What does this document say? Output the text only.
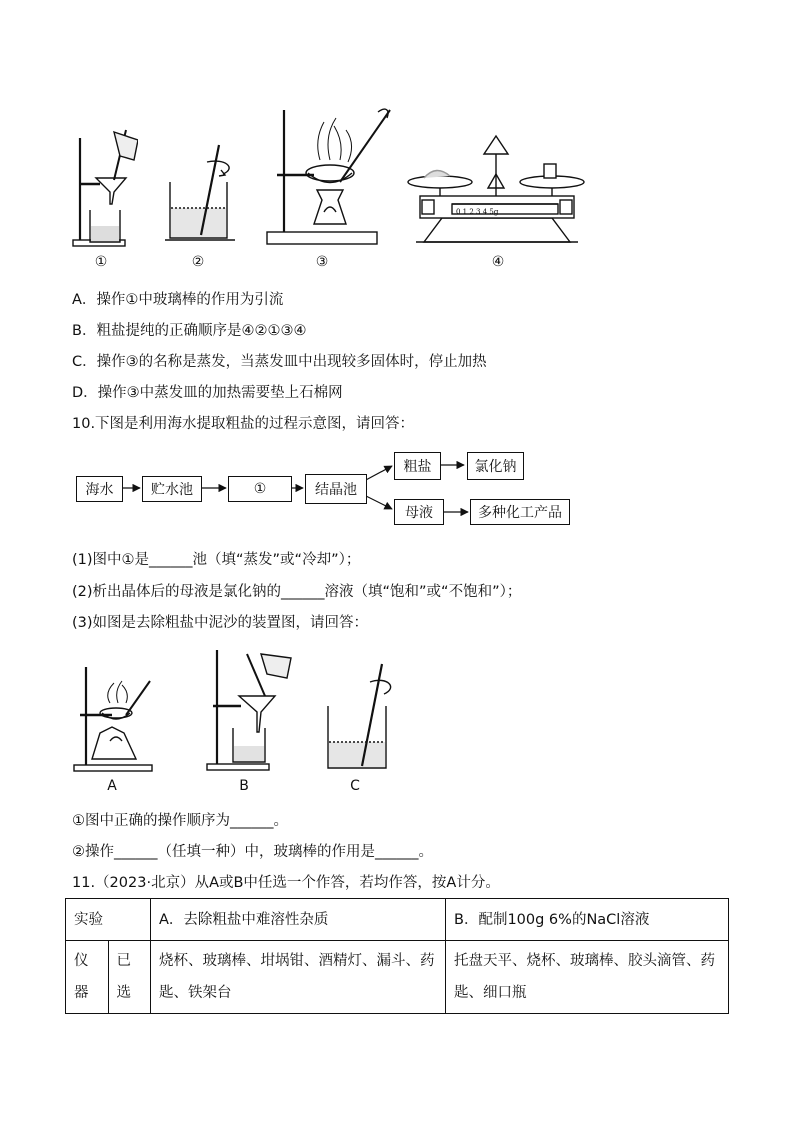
①	②	③
0 1 2 3 4 5g
④
A．操作①中玻璃棒的作用为引流
B．粗盐提纯的正确顺序是④②①③④
C．操作③的名称是蒸发，当蒸发皿中出现较多固体时，停止加热
D．操作③中蒸发皿的加热需要垫上石棉网
10.下图是利用海水提取粗盐的过程示意图，请回答：
海水	贮水池	①	结晶池
粗盐	氯化钠
母液	多种化工产品
(1)图中①是______池（填“蒸发”或“冷却”）；
(2)析出晶体后的母液是氯化钠的______溶液（填“饱和”或“不饱和”）；
(3)如图是去除粗盐中泥沙的装置图，请回答：
A	B	C
①图中正确的操作顺序为______。
②操作______（任填一种）中，玻璃棒的作用是______。
11.（2023·北京）从A或B中任选一个作答，若均作答，按A计分。
实验		A．去除粗盐中难溶性杂质	B．配制100g 6%的NaCl溶液
仪器	已选	烧杯、玻璃棒、坩埚钳、酒精灯、漏斗、药匙、铁架台	托盘天平、烧杯、玻璃棒、胶头滴管、药匙、细口瓶
